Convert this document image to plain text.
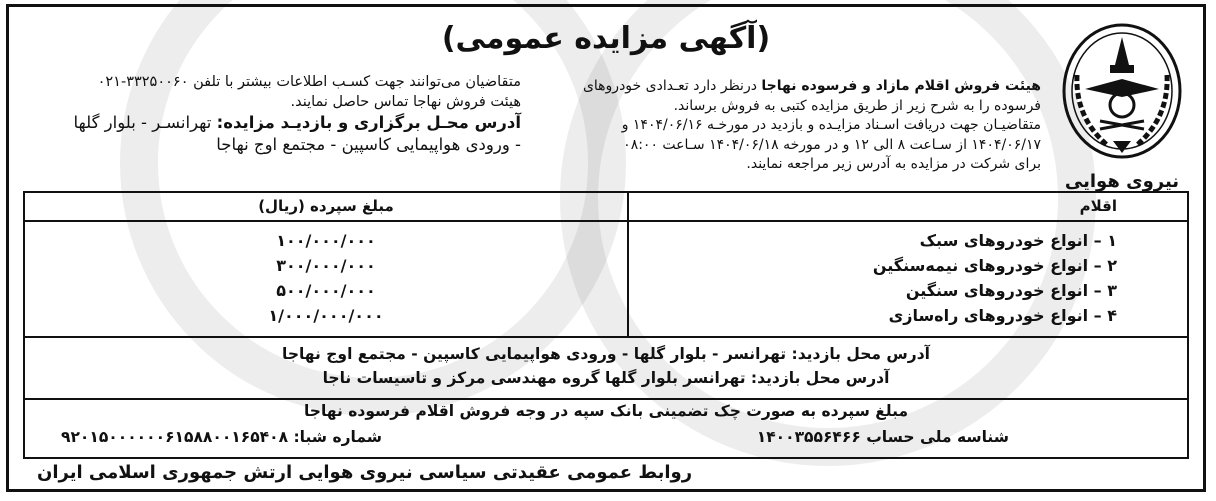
(آگهی مزایده عمومی)
نیروی هوایی
هیئت فروش اقلام مازاد و فرسوده نهاجا درنظر دارد تعـدادی خودروهای
فرسوده را به شرح زیر از طریق مزایده کتبی به فروش برساند.
متقاضیـان جهت دریافت اسـناد مزایـده و بازدید در مورخـه ۱۴۰۴/۰۶/۱۶ و
۱۴۰۴/۰۶/۱۷ از سـاعت ۸ الی ۱۲ و در مورخه ۱۴۰۴/۰۶/۱۸ سـاعت ۰۸:۰۰
برای شرکت در مزایده به آدرس زیر مراجعه نمایند.
متقاضیان می‌توانند جهت کسـب اطلاعات بیشتر با تلفن ۳۳۲۵۰۰۶۰-۰۲۱
هیئت فروش نهاجا تماس حاصل نمایند.
آدرس محـل برگزاری و بازدیـد مزایده: تهرانسـر - بلوار گلها
- ورودی هواپیمایی کاسپین - مجتمع اوج نهاجا
اقلام
مبلغ سپرده (ریال)
۱ – انواع خودروهای سبک
۲ – انواع خودروهای نیمه‌سنگین
۳ – انواع خودروهای سنگین
۴ – انواع خودروهای راه‌سازی
۱۰۰/۰۰۰/۰۰۰
۳۰۰/۰۰۰/۰۰۰
۵۰۰/۰۰۰/۰۰۰
۱/۰۰۰/۰۰۰/۰۰۰
آدرس محل بازدید: تهرانسر - بلوار گلها - ورودی هواپیمایی کاسپین - مجتمع اوج نهاجا
آدرس محل بازدید: تهرانسر بلوار گلها گروه مهندسی مرکز و تاسیسات ناجا
مبلغ سپرده به صورت چک تضمینی بانک سپه در وجه فروش اقلام فرسوده نهاجا
شناسه ملی حساب ۱۴۰۰۳۵۵۶۴۶۶
شماره شبا: ۹۲۰۱۵۰۰۰۰۰۰۶۱۵۸۸۰۰۱۶۵۴۰۸
روابط عمومی عقیدتی سیاسی نیروی هوایی ارتش جمهوری اسلامی ایران
